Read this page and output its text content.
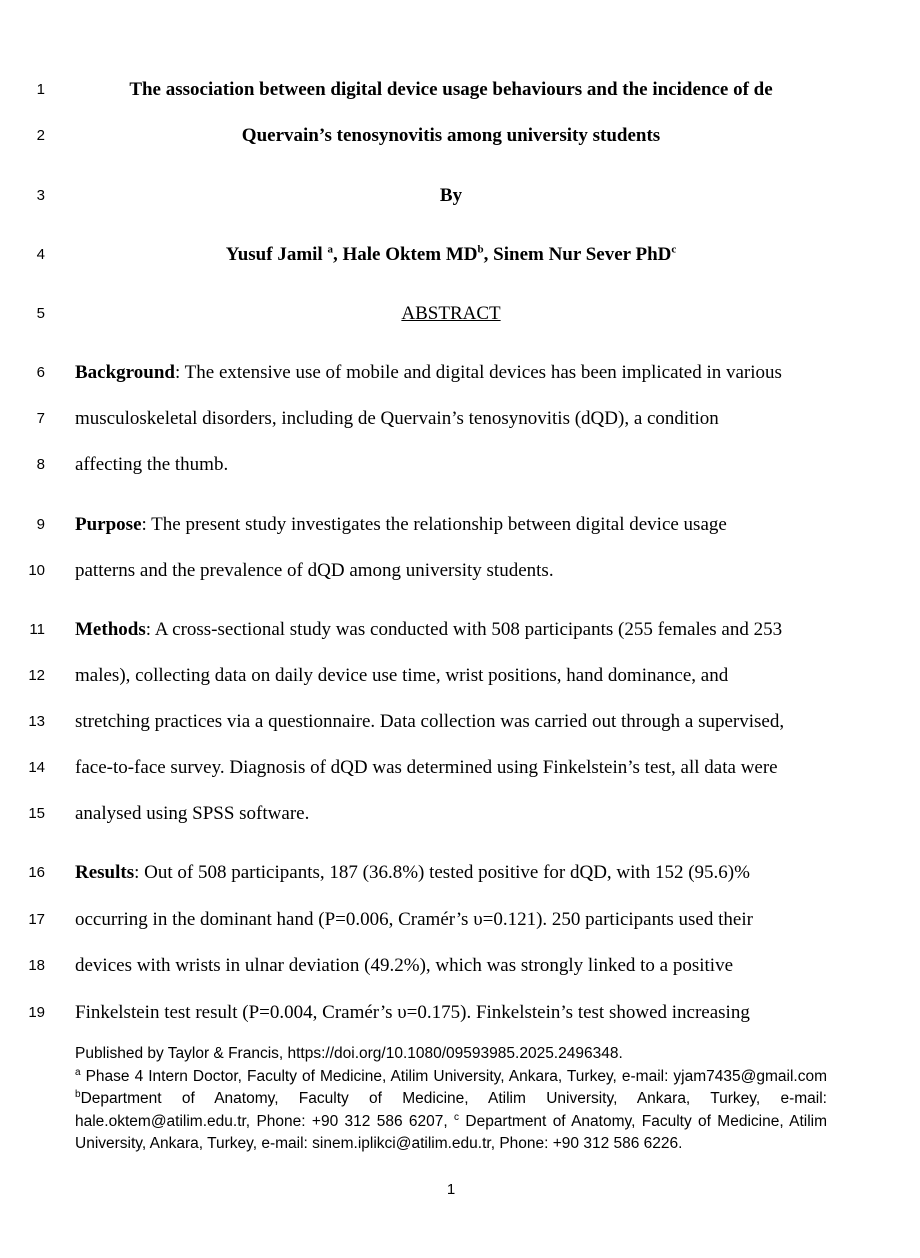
1	The association between digital device usage behaviours and the incidence of de
2	Quervain’s tenosynovitis among university students
3	By
4	Yusuf Jamil $^a$, Hale Oktem $MD^b$, Sinem Nur Sever PhD$^c$
5	ABSTRACT
6 Background: The extensive use of mobile and digital devices has been implicated in various
7 musculoskeletal disorders, including de Quervain’s tenosynovitis (dQD), a condition
8 affecting the thumb.
9 Purpose: The present study investigates the relationship between digital device usage
10 patterns and the prevalence of dQD among university students.
11 Methods: A cross-sectional study was conducted with 508 participants (255 females and 253
12 males), collecting data on daily device use time, wrist positions, hand dominance, and
13 stretching practices via a questionnaire. Data collection was carried out through a supervised,
14 face-to-face survey. Diagnosis of dQD was determined using Finkelstein’s test, all data were
15 analysed using SPSS software.
16 Results: Out of 508 participants, 187 (36.8%) tested positive for dQD, with 152 (95.6)%
17 occurring in the dominant hand (P=0.006, Cramér’s υ=0.121). 250 participants used their
18 devices with wrists in ulnar deviation (49.2%), which was strongly linked to a positive
19 Finkelstein test result (P=0.004, Cramér’s υ=0.175). Finkelstein’s test showed increasing

Published by Taylor & Francis, https://doi.org/10.1080/09593985.2025.2496348.

$^a$ Phase 4 Intern Doctor, Faculty of Medicine, Atilim University, Ankara, Turkey, e-mail: yjam7435@gmail.com $^b$Department of Anatomy, Faculty of Medicine, Atilim University, Ankara, Turkey, e-mail: hale.oktem@atilim.edu.tr, Phone: +90 312 586 6207, $^c$ Department of Anatomy, Faculty of Medicine, Atilim University, Ankara, Turkey, e-mail: sinem.iplikci@atilim.edu.tr, Phone: +90 312 586 6226.

1
